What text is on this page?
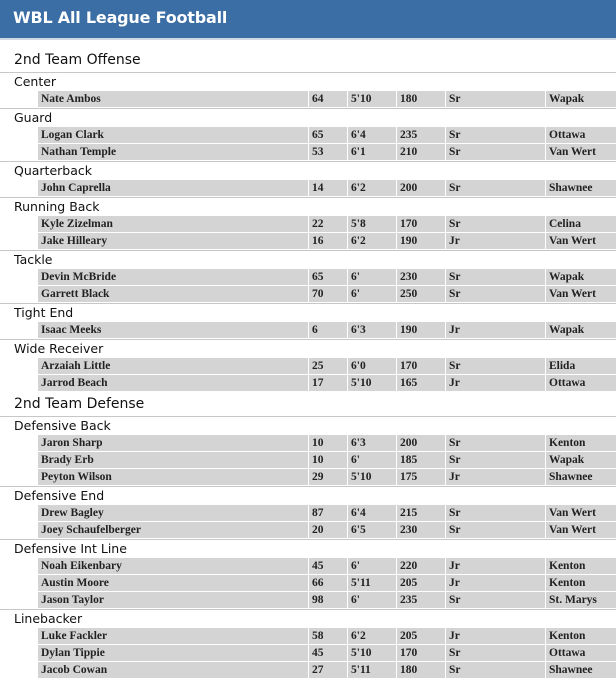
WBL All League Football
2nd Team Offense
Center
Nate Ambos	64	5'10	180	Sr	Wapak
Guard
Logan Clark	65	6'4	235	Sr	Ottawa
Nathan Temple	53	6'1	210	Sr	Van Wert
Quarterback
John Caprella	14	6'2	200	Sr	Shawnee
Running Back
Kyle Zizelman	22	5'8	170	Sr	Celina
Jake Hilleary	16	6'2	190	Jr	Van Wert
Tackle
Devin McBride	65	6'	230	Sr	Wapak
Garrett Black	70	6'	250	Sr	Van Wert
Tight End
Isaac Meeks	6	6'3	190	Jr	Wapak
Wide Receiver
Arzaiah Little	25	6'0	170	Sr	Elida
Jarrod Beach	17	5'10	165	Jr	Ottawa
2nd Team Defense
Defensive Back
Jaron Sharp	10	6'3	200	Sr	Kenton
Brady Erb	10	6'	185	Sr	Wapak
Peyton Wilson	29	5'10	175	Jr	Shawnee
Defensive End
Drew Bagley	87	6'4	215	Sr	Van Wert
Joey Schaufelberger	20	6'5	230	Sr	Van Wert
Defensive Int Line
Noah Eikenbary	45	6'	220	Jr	Kenton
Austin Moore	66	5'11	205	Jr	Kenton
Jason Taylor	98	6'	235	Sr	St. Marys
Linebacker
Luke Fackler	58	6'2	205	Jr	Kenton
Dylan Tippie	45	5'10	170	Sr	Ottawa
Jacob Cowan	27	5'11	180	Sr	Shawnee
